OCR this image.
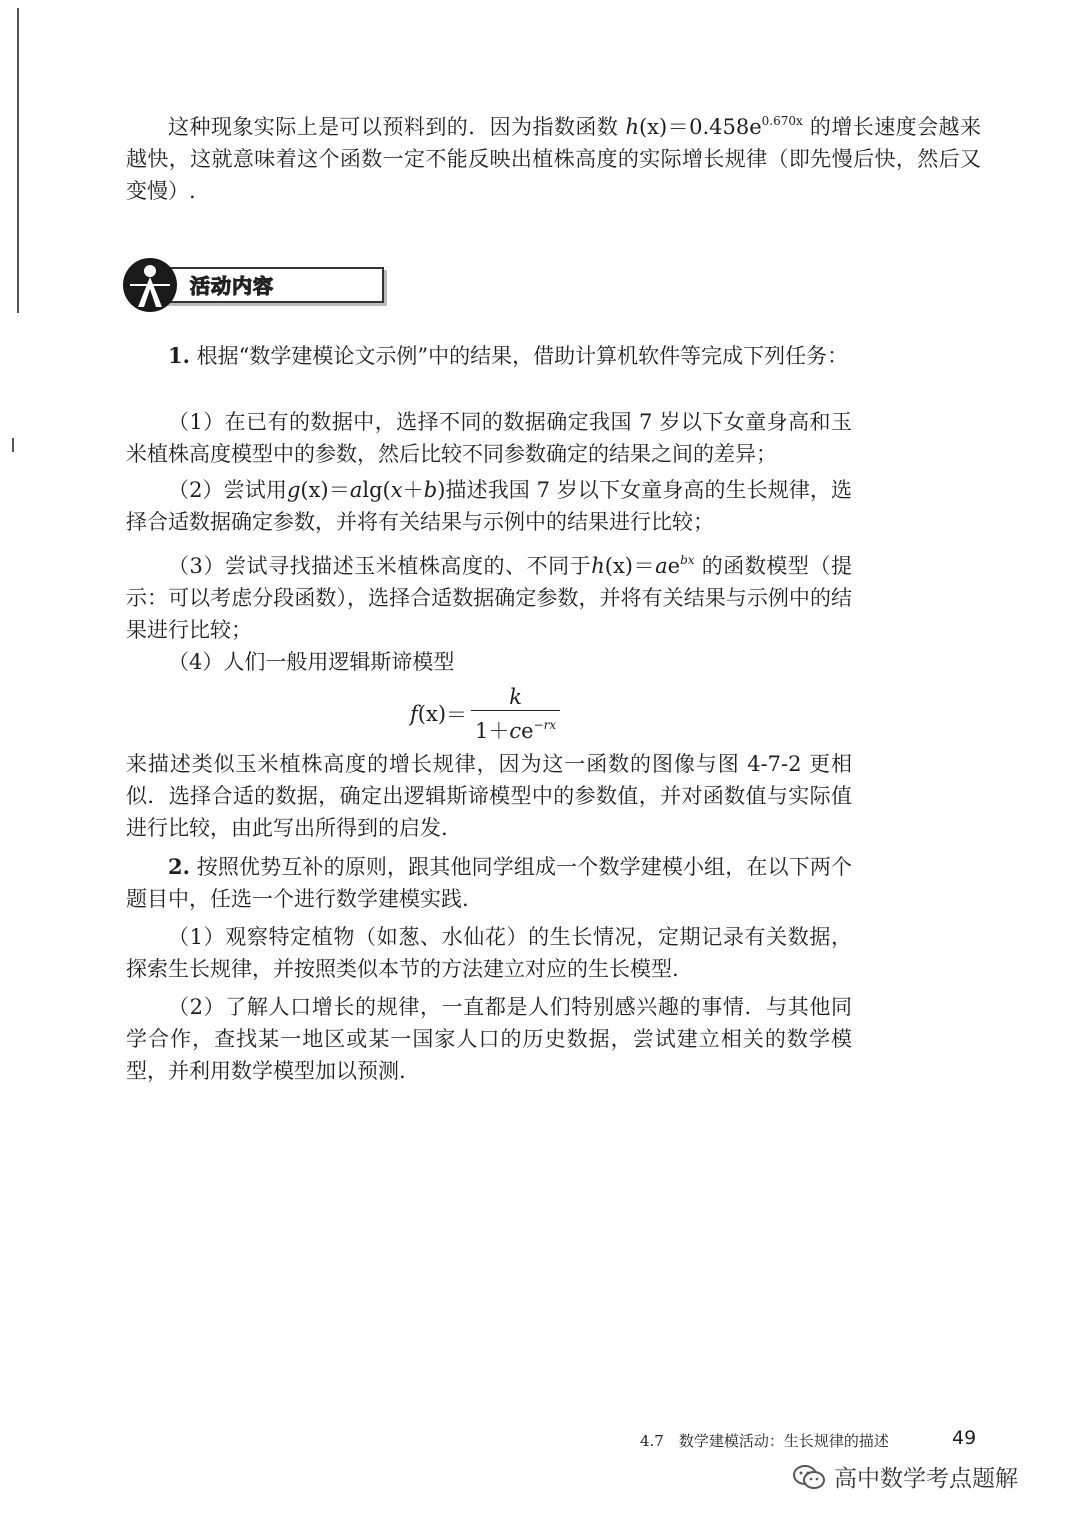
这种现象实际上是可以预料到的．因为指数函数 $h(x)=0.458e^{0.670x}$ 的增长速度会越来越快，这就意味着这个函数一定不能反映出植株高度的实际增长规律（即先慢后快，然后又变慢）.

活动内容

1. 根据“数学建模论文示例”中的结果，借助计算机软件等完成下列任务：

（1）在已有的数据中，选择不同的数据确定我国 7 岁以下女童身高和玉米植株高度模型中的参数，然后比较不同参数确定的结果之间的差异；

（2）尝试用g(x)＝alg(x＋b)描述我国 7 岁以下女童身高的生长规律，选择合适数据确定参数，并将有关结果与示例中的结果进行比较；

（3）尝试寻找描述玉米植株高度的、不同于$h(x)=ae^{bx}$ 的函数模型（提示：可以考虑分段函数），选择合适数据确定参数，并将有关结果与示例中的结果进行比较；

（4）人们一般用逻辑斯谛模型

f $(x) = \frac{k}{1+ce^{-rx}}$

来描述类似玉米植株高度的增长规律，因为这一函数的图像与图 4-7-2 更相似．选择合适的数据，确定出逻辑斯谛模型中的参数值，并对函数值与实际值进行比较，由此写出所得到的启发.

2. 按照优势互补的原则，跟其他同学组成一个数学建模小组，在以下两个题目中，任选一个进行数学建模实践.

（1）观察特定植物（如葱、水仙花）的生长情况，定期记录有关数据，探索生长规律，并按照类似本节的方法建立对应的生长模型.

（2）了解人口增长的规律，一直都是人们特别感兴趣的事情．与其他同学合作，查找某一地区或某一国家人口的历史数据，尝试建立相关的数学模型，并利用数学模型加以预测.

4.7　数学建模活动：生长规律的描述	49
高中数学考点题解
